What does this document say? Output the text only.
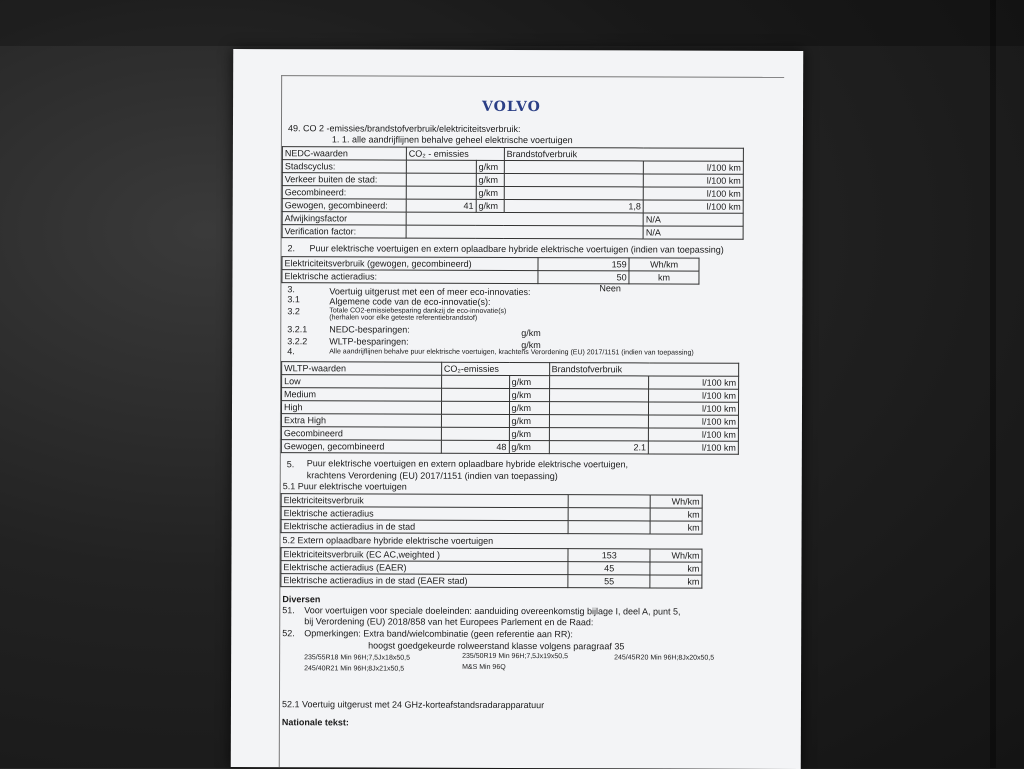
VOLVO
49. CO 2 -emissies/brandstofverbruik/elektriciteitsverbruik:
1. 1. alle aandrijflijnen behalve geheel elektrische voertuigen
NEDC-waarden	CO₂ - emissies		Brandstofverbruik	
Stadscyclus:		g/km		l/100 km
Verkeer buiten de stad:		g/km		l/100 km
Gecombineerd:		g/km		l/100 km
Gewogen, gecombineerd:	41	g/km	1,8	l/100 km
Afwijkingsfactor				N/A
Verification factor:				N/A
2. Puur elektrische voertuigen en extern oplaadbare hybride elektrische voertuigen (indien van toepassing)
Elektriciteitsverbruik (gewogen, gecombineerd)	159	Wh/km
Elektrische actieradius:	50	km
3.	Voertuig uitgerust met een of meer eco-innovaties:	Neen
3.1	Algemene code van de eco-innovatie(s):
3.2	Totale CO2-emissiebesparing dankzij de eco-innovatie(s)
(herhalen voor elke geteste referentiebrandstof)
3.2.1 NEDC-besparingen:	g/km
3.2.2 WLTP-besparingen:	g/km
4.	Alle aandrijflijnen behalve puur elektrische voertuigen, krachtens Verordening (EU) 2017/1151 (indien van toepassing)
WLTP-waarden	CO₂-emissies		Brandstofverbruik	
Low		g/km		l/100 km
Medium		g/km		l/100 km
High		g/km		l/100 km
Extra High		g/km		l/100 km
Gecombineerd		g/km		l/100 km
Gewogen, gecombineerd	48	g/km	2.1	l/100 km
5. Puur elektrische voertuigen en extern oplaadbare hybride elektrische voertuigen,
krachtens Verordening (EU) 2017/1151 (indien van toepassing)
5.1 Puur elektrische voertuigen
Elektriciteitsverbruik		Wh/km
Elektrische actieradius		km
Elektrische actieradius in de stad		km
5.2 Extern oplaadbare hybride elektrische voertuigen
Elektriciteitsverbruik (EC AC,weighted )	153	Wh/km
Elektrische actieradius (EAER)	45	km
Elektrische actieradius in de stad (EAER stad)	55	km
Diversen
51. Voor voertuigen voor speciale doeleinden: aanduiding overeenkomstig bijlage I, deel A, punt 5,
bij Verordening (EU) 2018/858 van het Europees Parlement en de Raad:
52. Opmerkingen: Extra band/wielcombinatie (geen referentie aan RR):
hoogst goedgekeurde rolweerstand klasse volgens paragraaf 35
235/55R18 Min 96H;7,5Jx18x50,5	235/50R19 Min 96H;7,5Jx19x50,5	245/45R20 Min 96H;8Jx20x50,5
245/40R21 Min 96H;8Jx21x50,5	M&S Min 96Q
52.1 Voertuig uitgerust met 24 GHz-korteafstandsradarapparatuur
Nationale tekst:
